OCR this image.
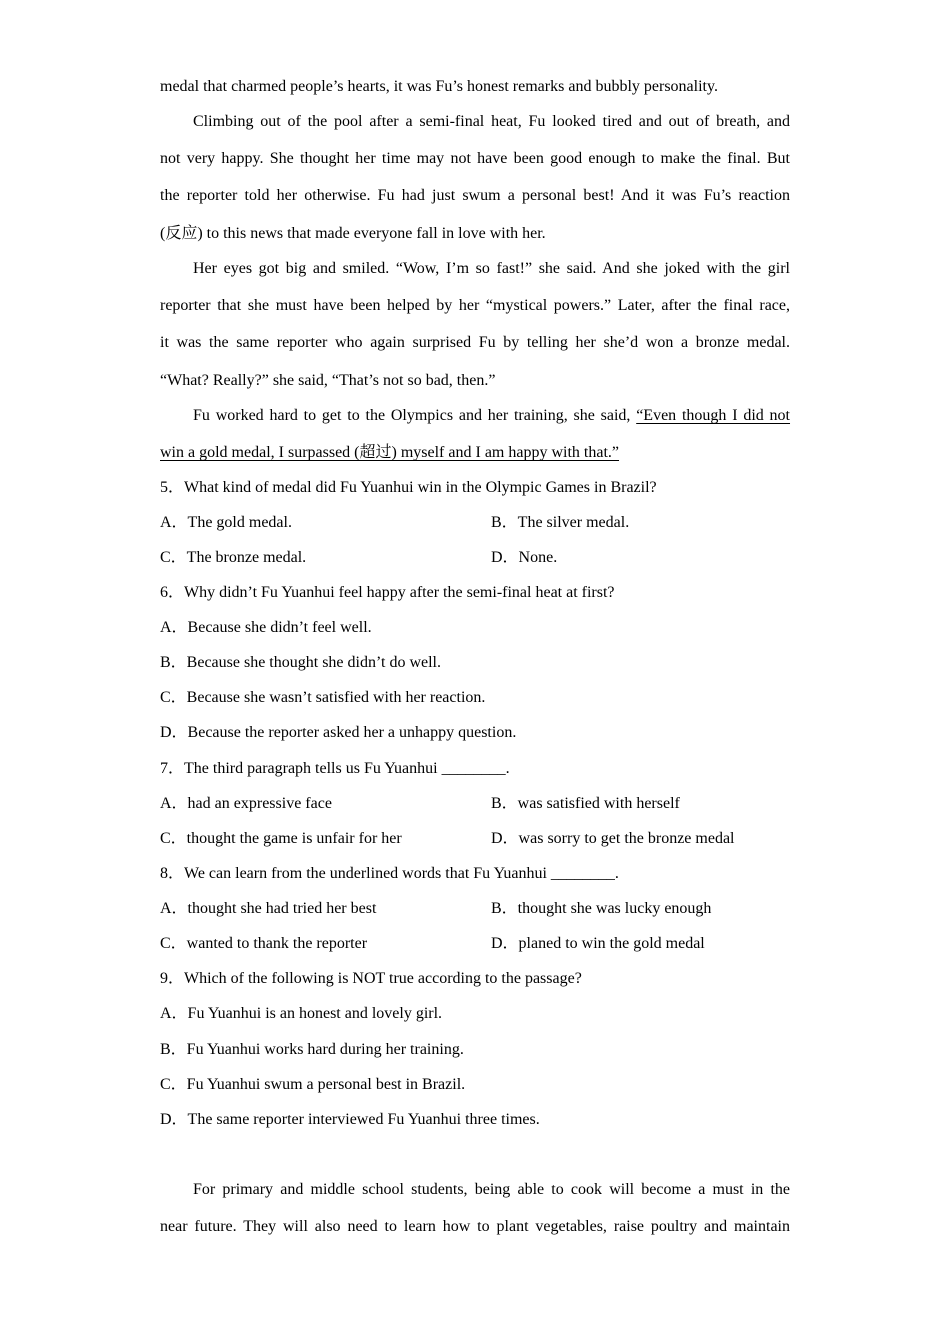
medal that charmed people’s hearts, it was Fu’s honest remarks and bubbly personality.
Climbing out of the pool after a semi-final heat, Fu looked tired and out of breath, and
not very happy. She thought her time may not have been good enough to make the final. But
the reporter told her otherwise. Fu had just swum a personal best! And it was Fu’s reaction
(反应) to this news that made everyone fall in love with her.
Her eyes got big and smiled. “Wow, I’m so fast!” she said. And she joked with the girl
reporter that she must have been helped by her “mystical powers.” Later, after the final race,
it was the same reporter who again surprised Fu by telling her she’d won a bronze medal.
“What? Really?” she said, “That’s not so bad, then.”
Fu worked hard to get to the Olympics and her training, she said, “Even though I did not
win a gold medal, I surpassed (超过) myself and I am happy with that.”
5．What kind of medal did Fu Yuanhui win in the Olympic Games in Brazil?
A．The gold medal.	B．The silver medal.
C．The bronze medal.	D．None.
6．Why didn’t Fu Yuanhui feel happy after the semi-final heat at first?
A．Because she didn’t feel well.
B．Because she thought she didn’t do well.
C．Because she wasn’t satisfied with her reaction.
D．Because the reporter asked her a unhappy question.
7．The third paragraph tells us Fu Yuanhui ________.
A．had an expressive face	B．was satisfied with herself
C．thought the game is unfair for her	D．was sorry to get the bronze medal
8．We can learn from the underlined words that Fu Yuanhui ________.
A．thought she had tried her best	B．thought she was lucky enough
C．wanted to thank the reporter	D．planed to win the gold medal
9．Which of the following is NOT true according to the passage?
A．Fu Yuanhui is an honest and lovely girl.
B．Fu Yuanhui works hard during her training.
C．Fu Yuanhui swum a personal best in Brazil.
D．The same reporter interviewed Fu Yuanhui three times.
For primary and middle school students, being able to cook will become a must in the
near future. They will also need to learn how to plant vegetables, raise poultry and maintain
